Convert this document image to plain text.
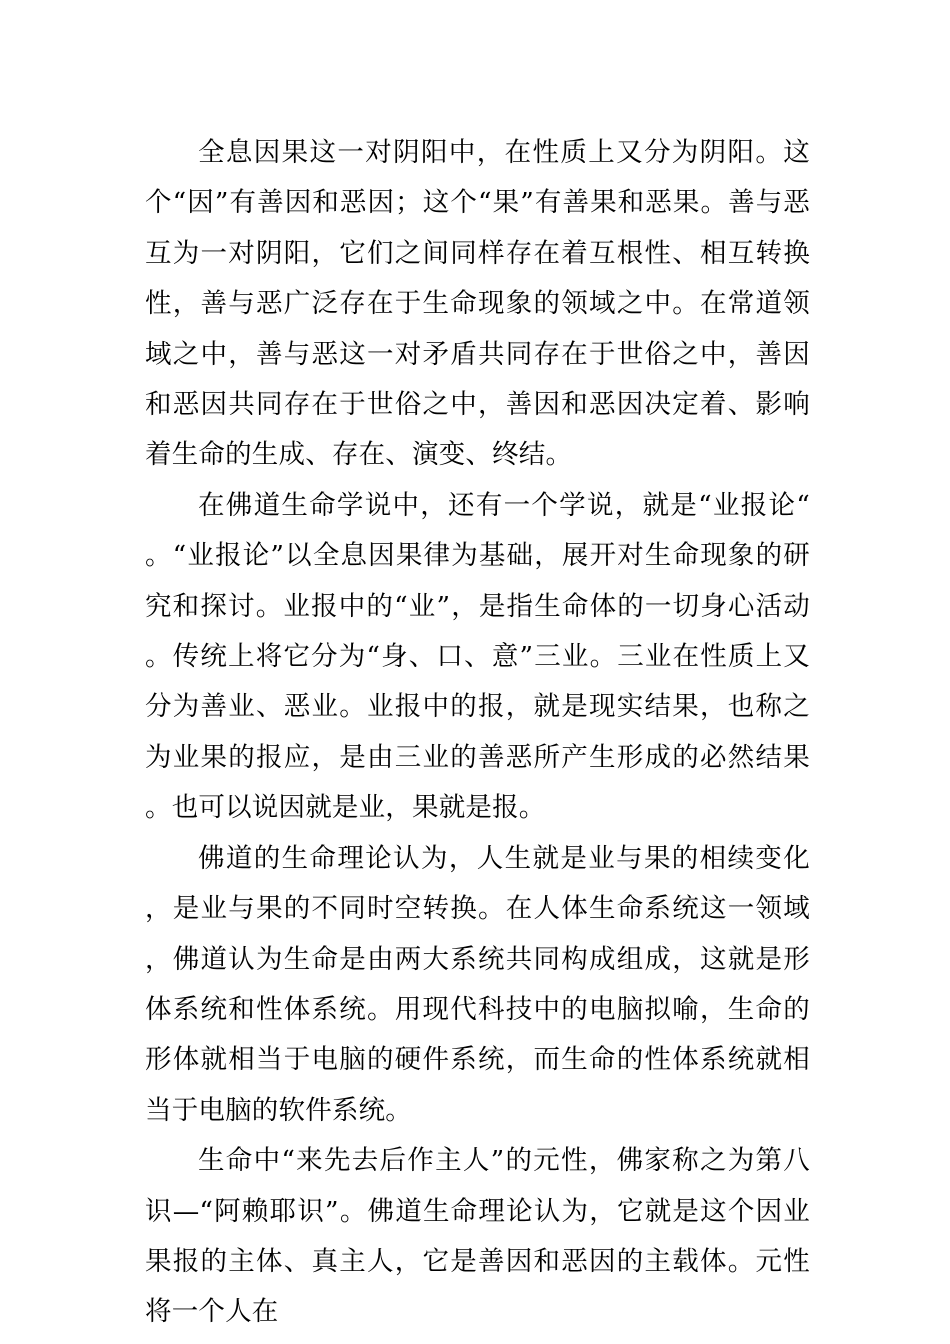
全息因果这一对阴阳中，在性质上又分为阴阳。这个“因”有善因和恶因；这个“果”有善果和恶果。善与恶互为一对阴阳，它们之间同样存在着互根性、相互转换性，善与恶广泛存在于生命现象的领域之中。在常道领域之中，善与恶这一对矛盾共同存在于世俗之中，善因和恶因共同存在于世俗之中，善因和恶因决定着、影响着生命的生成、存在、演变、终结。

在佛道生命学说中，还有一个学说，就是“业报论“。“业报论”以全息因果律为基础，展开对生命现象的研究和探讨。业报中的“业”，是指生命体的一切身心活动。传统上将它分为“身、口、意”三业。三业在性质上又分为善业、恶业。业报中的报，就是现实结果，也称之为业果的报应，是由三业的善恶所产生形成的必然结果。也可以说因就是业，果就是报。

佛道的生命理论认为，人生就是业与果的相续变化，是业与果的不同时空转换。在人体生命系统这一领域，佛道认为生命是由两大系统共同构成组成，这就是形体系统和性体系统。用现代科技中的电脑拟喻，生命的形体就相当于电脑的硬件系统，而生命的性体系统就相当于电脑的软件系统。

生命中“来先去后作主人”的元性，佛家称之为第八识—“阿赖耶识”。佛道生命理论认为，它就是这个因业果报的主体、真主人，它是善因和恶因的主载体。元性将一个人在
